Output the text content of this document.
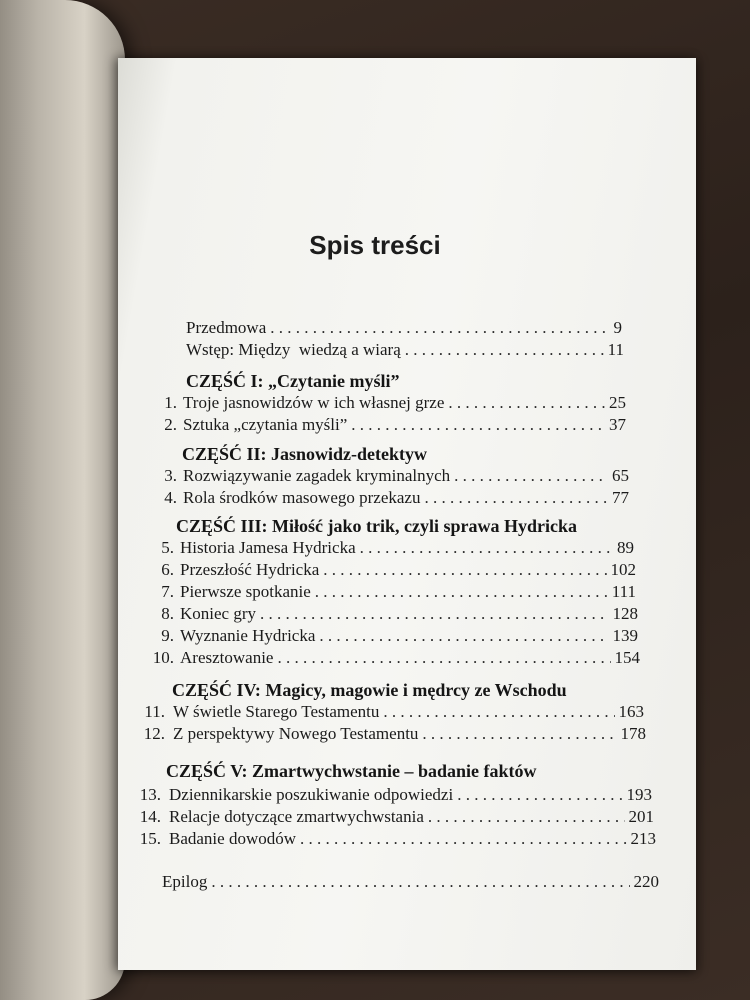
Spis treści
Przedmowa . . .	9
Wstęp: Między  wiedzą a wiarą . . .	11
CZĘŚĆ I: „Czytanie myśli”
1. Troje jasnowidzów w ich własnej grze . . .	25
2. Sztuka „czytania myśli” . . .	37
CZĘŚĆ II: Jasnowidz-detektyw
3. Rozwiązywanie zagadek kryminalnych . . .	65
4. Rola środków masowego przekazu . . .	77
CZĘŚĆ III: Miłość jako trik, czyli sprawa Hydricka
5. Historia Jamesa Hydricka . . .	89
6. Przeszłość Hydricka . . .	102
7. Pierwsze spotkanie . . .	111
8. Koniec gry . . .	128
9. Wyznanie Hydricka . . .	139
10. Aresztowanie . . .	154
CZĘŚĆ IV: Magicy, magowie i mędrcy ze Wschodu
11. W świetle Starego Testamentu . . .	163
12. Z perspektywy Nowego Testamentu . . .	178
CZĘŚĆ V: Zmartwychwstanie – badanie faktów
13. Dziennikarskie poszukiwanie odpowiedzi . . .	193
14. Relacje dotyczące zmartwychwstania . . .	201
15. Badanie dowodów . . .	213
Epilog . . .	220
